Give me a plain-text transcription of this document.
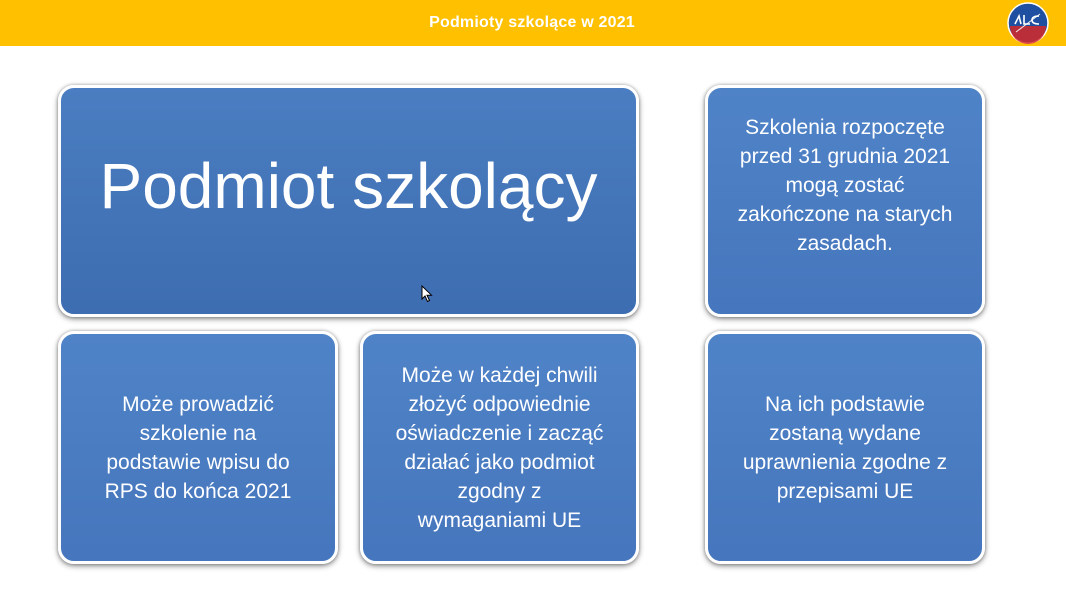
Podmioty szkolące w 2021
Podmiot szkolący
Może prowadzić
szkolenie na
podstawie wpisu do
RPS do końca 2021
Może w każdej chwili
złożyć odpowiednie
oświadczenie i zacząć
działać jako podmiot
zgodny z
wymaganiami UE
Szkolenia rozpoczęte
przed 31 grudnia 2021
mogą zostać
zakończone na starych
zasadach.
Na ich podstawie
zostaną wydane
uprawnienia zgodne z
przepisami UE
